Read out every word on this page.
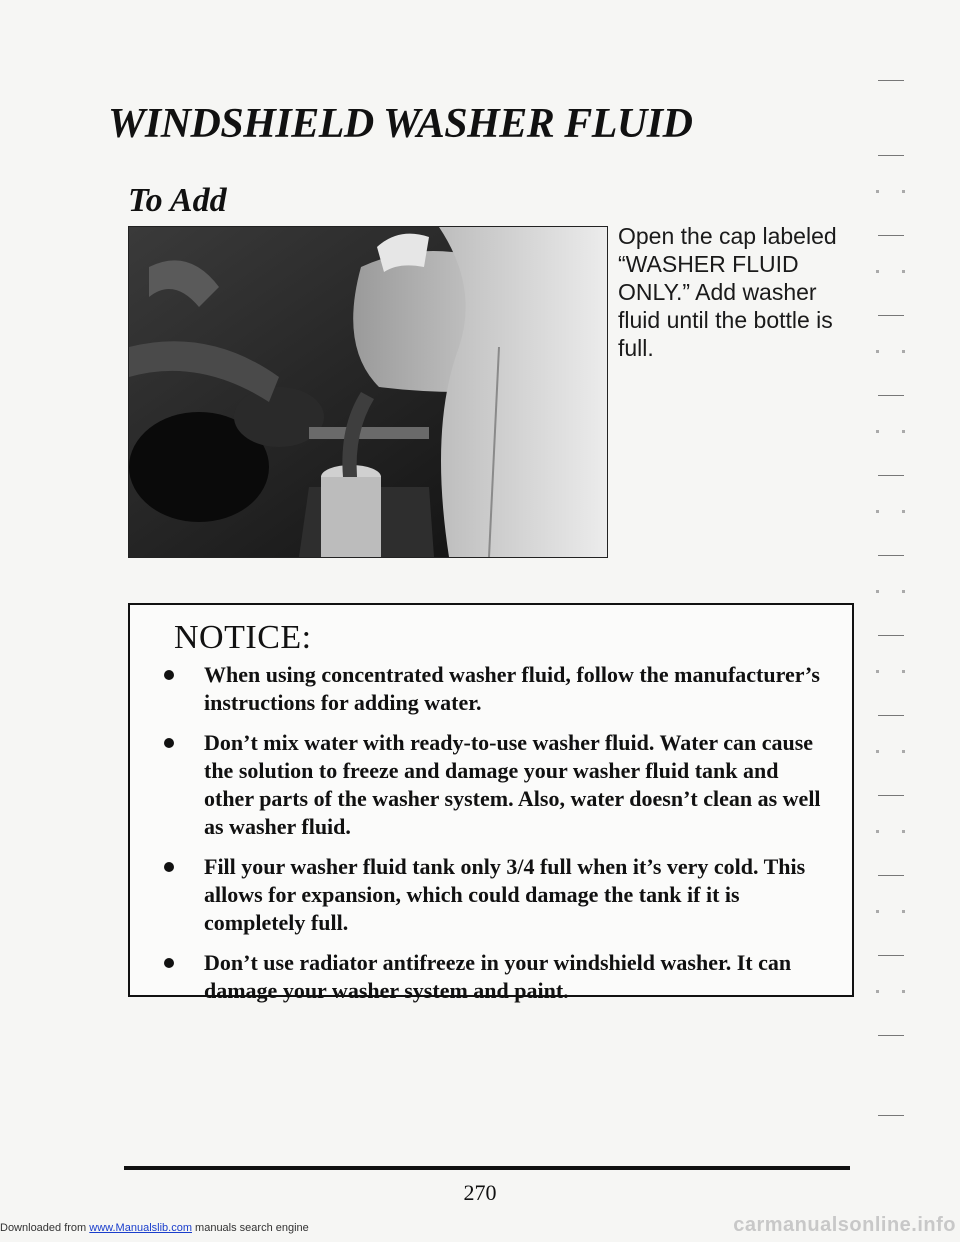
WINDSHIELD WASHER FLUID
To Add
Open the cap labeled “WASHER FLUID ONLY.” Add washer fluid until the bottle is full.
NOTICE:
When using concentrated washer fluid, follow the manufacturer’s instructions for adding water.
Don’t mix water with ready-to-use washer fluid. Water can cause the solution to freeze and damage your washer fluid tank and other parts of the washer system. Also, water doesn’t clean as well as washer fluid.
Fill your washer fluid tank only 3/4 full when it’s very cold. This allows for expansion, which could damage the tank if it is completely full.
Don’t use radiator antifreeze in your windshield washer. It can damage your washer system and paint.
270
Downloaded from www.Manualslib.com manuals search engine	carmanualsonline.info
